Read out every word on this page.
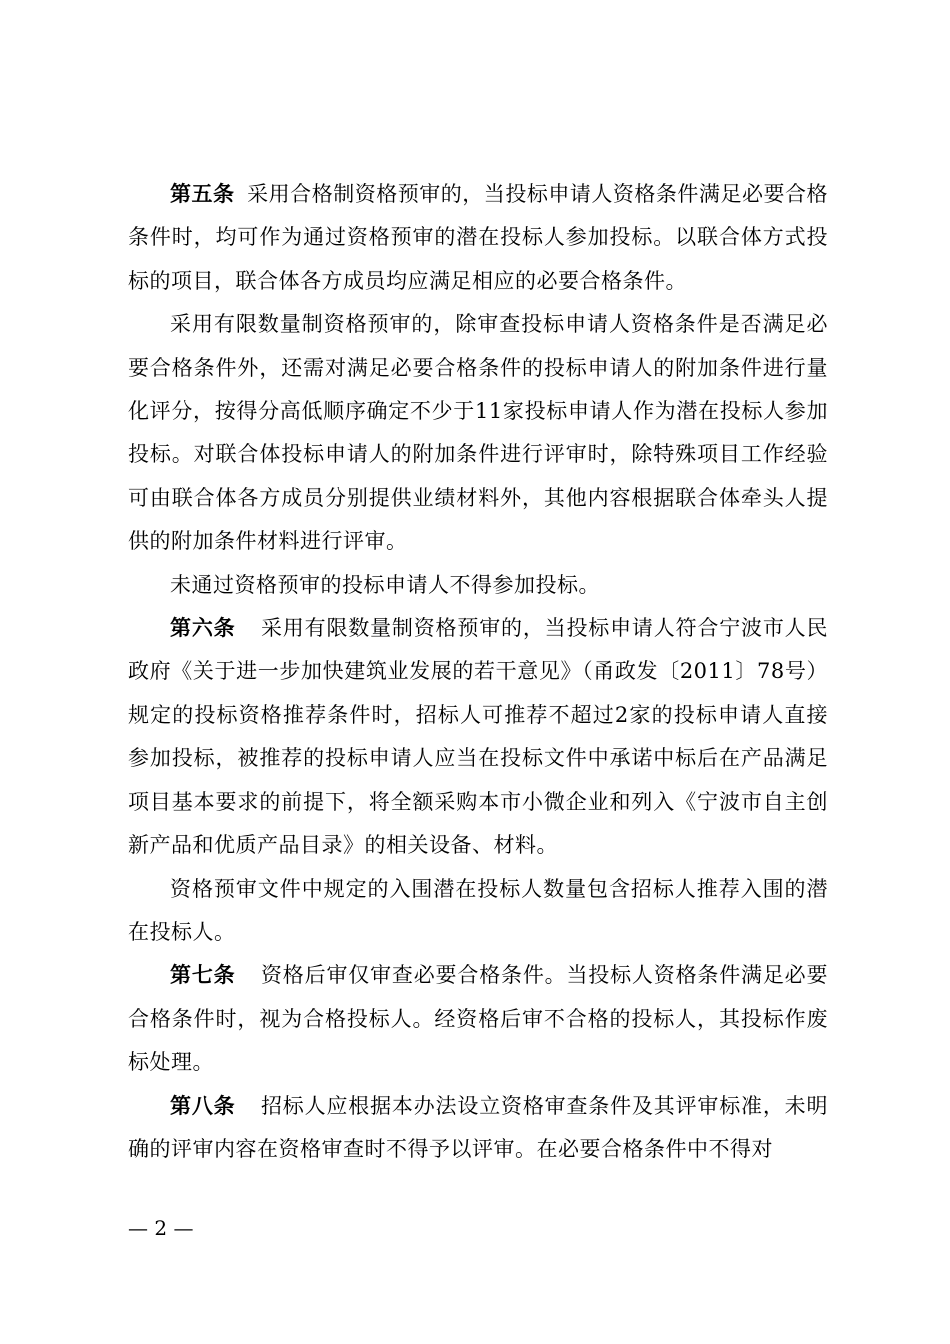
第五条 采用合格制资格预审的，当投标申请人资格条件满足必要合格条件时，均可作为通过资格预审的潜在投标人参加投标。以联合体方式投标的项目，联合体各方成员均应满足相应的必要合格条件。

采用有限数量制资格预审的，除审查投标申请人资格条件是否满足必要合格条件外，还需对满足必要合格条件的投标申请人的附加条件进行量化评分，按得分高低顺序确定不少于11家投标申请人作为潜在投标人参加投标。对联合体投标申请人的附加条件进行评审时，除特殊项目工作经验可由联合体各方成员分别提供业绩材料外，其他内容根据联合体牵头人提供的附加条件材料进行评审。

未通过资格预审的投标申请人不得参加投标。

第六条 采用有限数量制资格预审的，当投标申请人符合宁波市人民政府《关于进一步加快建筑业发展的若干意见》（甬政发〔2011〕78号）规定的投标资格推荐条件时，招标人可推荐不超过2家的投标申请人直接参加投标，被推荐的投标申请人应当在投标文件中承诺中标后在产品满足项目基本要求的前提下，将全额采购本市小微企业和列入《宁波市自主创新产品和优质产品目录》的相关设备、材料。

资格预审文件中规定的入围潜在投标人数量包含招标人推荐入围的潜在投标人。

第七条 资格后审仅审查必要合格条件。当投标人资格条件满足必要合格条件时，视为合格投标人。经资格后审不合格的投标人，其投标作废标处理。

第八条 招标人应根据本办法设立资格审查条件及其评审标准，未明确的评审内容在资格审查时不得予以评审。在必要合格条件中不得对

— 2 —
